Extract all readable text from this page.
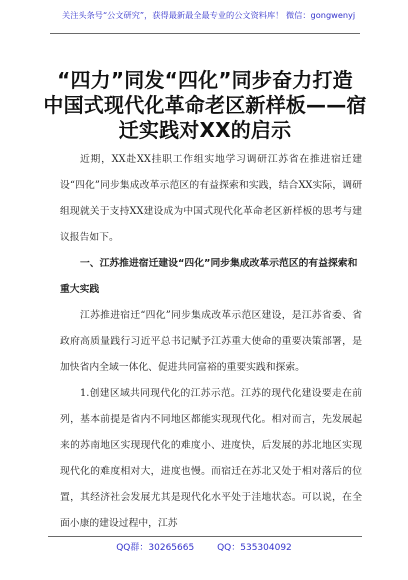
关注头条号“公文研究”，获得最新最全最专业的公文资料库！ 微信：gongwenyj
“四力”同发“四化”同步奋力打造
中国式现代化革命老区新样板——宿
迁实践对XX的启示

近期，XX赴XX挂职工作组实地学习调研江苏省在推进宿迁建设“四化”同步集成改革示范区的有益探索和实践，结合XX实际，调研组现就关于支持XX建设成为中国式现代化革命老区新样板的思考与建议报告如下。

一、江苏推进宿迁建设“四化”同步集成改革示范区的有益探索和重大实践

江苏推进宿迁“四化”同步集成改革示范区建设，是江苏省委、省政府高质量践行习近平总书记赋予江苏重大使命的重要决策部署，是加快省内全域一体化、促进共同富裕的重要实践和探索。

1.创建区域共同现代化的江苏示范。江苏的现代化建设要走在前列，基本前提是省内不同地区都能实现现代化。相对而言，先发展起来的苏南地区实现现代化的难度小、进度快，后发展的苏北地区实现现代化的难度相对大，进度也慢。而宿迁在苏北又处于相对落后的位置，其经济社会发展尤其是现代化水平处于洼地状态。可以说，在全面小康的建设过程中，江苏

QQ群：30265665	QQ：535304092
